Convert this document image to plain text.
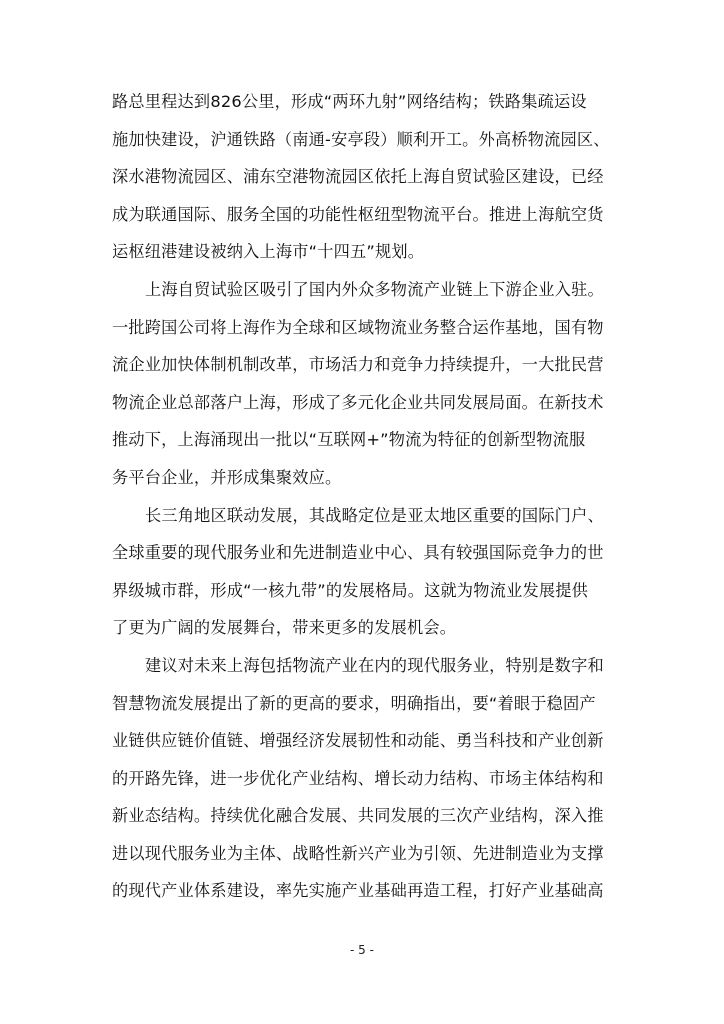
路总里程达到826公里，形成“两环九射”网络结构；铁路集疏运设
施加快建设，沪通铁路（南通-安亭段）顺利开工。外高桥物流园区、
深水港物流园区、浦东空港物流园区依托上海自贸试验区建设，已经
成为联通国际、服务全国的功能性枢纽型物流平台。推进上海航空货
运枢纽港建设被纳入上海市“十四五”规划。
上海自贸试验区吸引了国内外众多物流产业链上下游企业入驻。
一批跨国公司将上海作为全球和区域物流业务整合运作基地，国有物
流企业加快体制机制改革，市场活力和竞争力持续提升，一大批民营
物流企业总部落户上海，形成了多元化企业共同发展局面。在新技术
推动下，上海涌现出一批以“互联网+”物流为特征的创新型物流服
务平台企业，并形成集聚效应。
长三角地区联动发展，其战略定位是亚太地区重要的国际门户、
全球重要的现代服务业和先进制造业中心、具有较强国际竞争力的世
界级城市群，形成“一核九带”的发展格局。这就为物流业发展提供
了更为广阔的发展舞台，带来更多的发展机会。
建议对未来上海包括物流产业在内的现代服务业，特别是数字和
智慧物流发展提出了新的更高的要求，明确指出，要“着眼于稳固产
业链供应链价值链、增强经济发展韧性和动能、勇当科技和产业创新
的开路先锋，进一步优化产业结构、增长动力结构、市场主体结构和
新业态结构。持续优化融合发展、共同发展的三次产业结构，深入推
进以现代服务业为主体、战略性新兴产业为引领、先进制造业为支撑
的现代产业体系建设，率先实施产业基础再造工程，打好产业基础高
- 5 -
